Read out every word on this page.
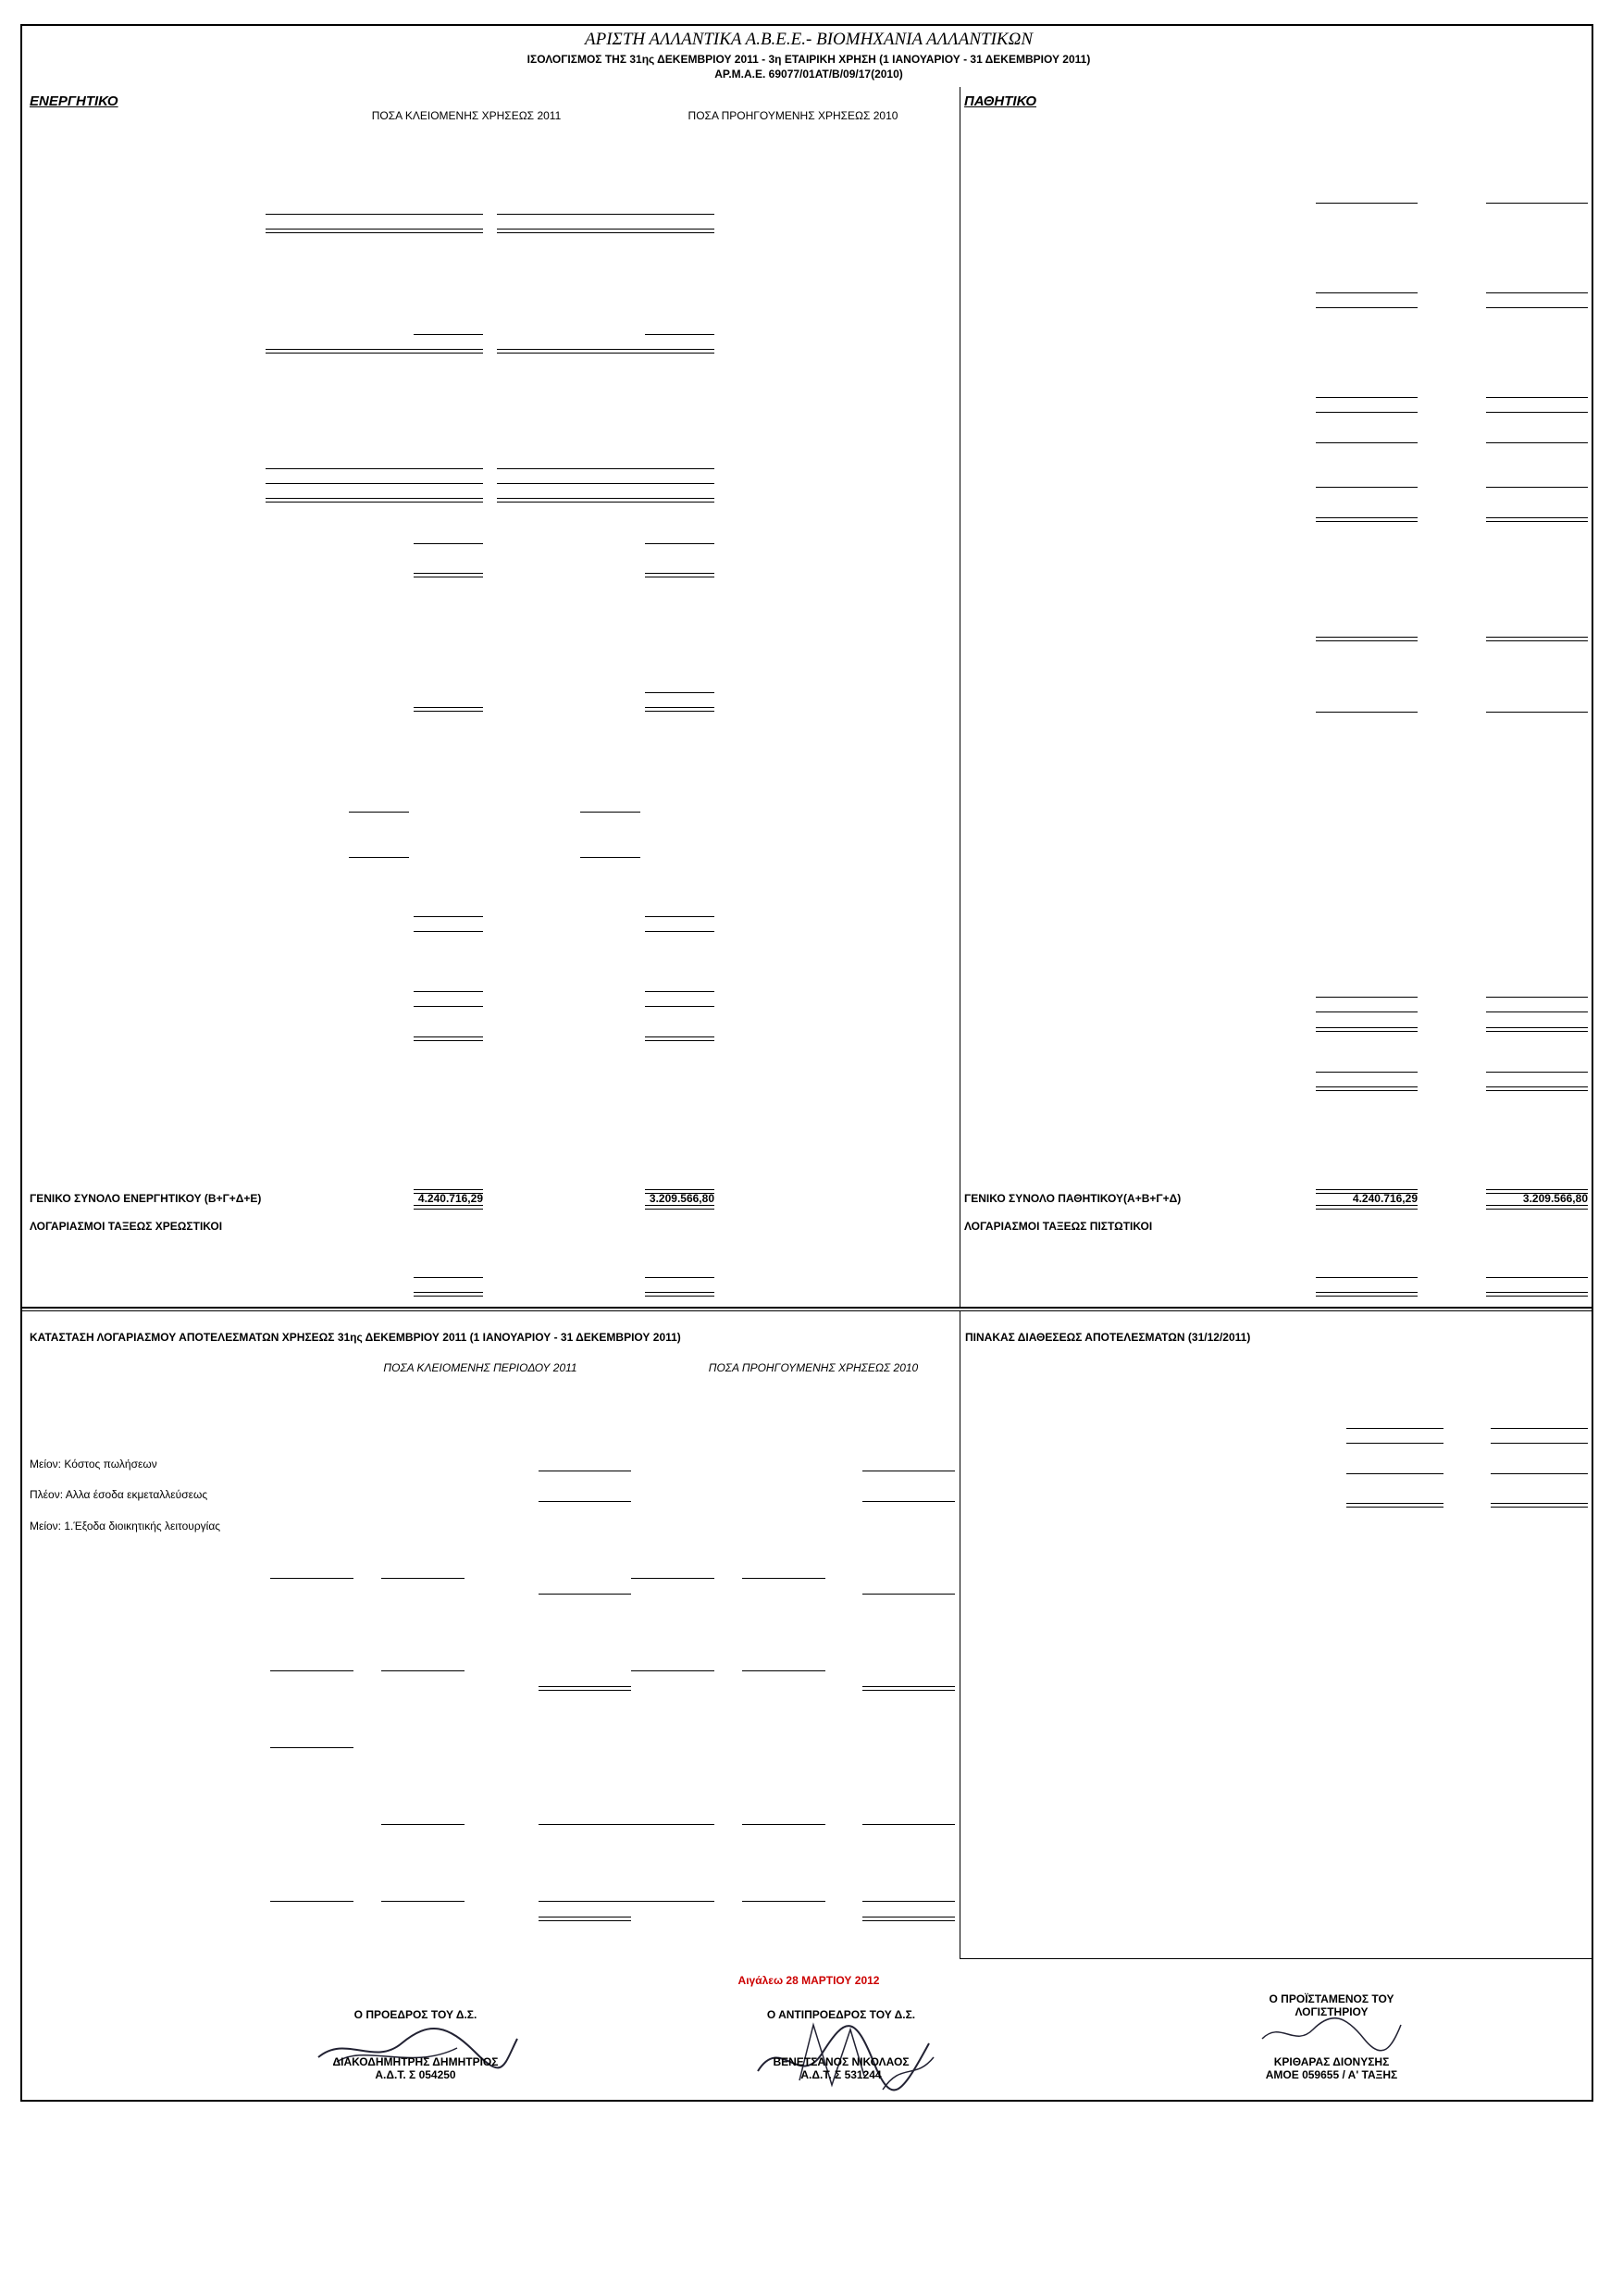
ΑΡΙΣΤΗ ΑΛΛΑΝΤΙΚΑ Α.Β.Ε.Ε.- ΒΙΟΜΗΧΑΝΙΑ ΑΛΛΑΝΤΙΚΩΝ
ΙΣΟΛΟΓΙΣΜΟΣ ΤΗΣ 31ης ΔΕΚΕΜΒΡΙΟΥ 2011 - 3η ΕΤΑΙΡΙΚΗ ΧΡΗΣΗ (1 ΙΑΝΟΥΑΡΙΟΥ - 31 ΔΕΚΕΜΒΡΙΟΥ 2011)
ΑΡ.Μ.Α.Ε. 69077/01ΑΤ/Β/09/17(2010)
ΕΝΕΡΓΗΤΙΚΟ
ΠΟΣΑ ΚΛΕΙΟΜΕΝΗΣ ΧΡΗΣΕΩΣ 2011	ΠΟΣΑ ΠΡΟΗΓΟΥΜΕΝΗΣ ΧΡΗΣΕΩΣ 2010
ΓΕΝΙΚΟ ΣΥΝΟΛΟ ΕΝΕΡΓΗΤΙΚΟΥ (Β+Γ+Δ+Ε)	4.240.716,29	3.209.566,80
ΛΟΓΑΡΙΑΣΜΟΙ ΤΑΞΕΩΣ ΧΡΕΩΣΤΙΚΟΙ
ΠΑΘΗΤΙΚΟ
ΓΕΝΙΚΟ ΣΥΝΟΛΟ ΠΑΘΗΤΙΚΟΥ(Α+Β+Γ+Δ)	4.240.716,29	3.209.566,80
ΛΟΓΑΡΙΑΣΜΟΙ ΤΑΞΕΩΣ ΠΙΣΤΩΤΙΚΟΙ
ΚΑΤΑΣΤΑΣΗ ΛΟΓΑΡΙΑΣΜΟΥ ΑΠΟΤΕΛΕΣΜΑΤΩΝ ΧΡΗΣΕΩΣ 31ης ΔΕΚΕΜΒΡΙΟΥ 2011 (1 ΙΑΝΟΥΑΡΙΟΥ - 31 ΔΕΚΕΜΒΡΙΟΥ 2011)
ΠΟΣΑ ΚΛΕΙΟΜΕΝΗΣ ΠΕΡΙΟΔΟΥ 2011	ΠΟΣΑ ΠΡΟΗΓΟΥΜΕΝΗΣ ΧΡΗΣΕΩΣ 2010
Μείον: Κόστος πωλήσεων
Πλέον: Αλλα έσοδα εκμεταλλεύσεως
Μείον: 1.Έξοδα διοικητικής λειτουργίας
ΠΙΝΑΚΑΣ ΔΙΑΘΕΣΕΩΣ ΑΠΟΤΕΛΕΣΜΑΤΩΝ (31/12/2011)
Αιγάλεω 28 ΜΑΡΤΙΟΥ 2012
Ο ΠΡΟΕΔΡΟΣ ΤΟΥ Δ.Σ.
ΔΙΑΚΟΔΗΜΗΤΡΗΣ ΔΗΜΗΤΡΙΟΣ
Α.Δ.Τ. Σ 054250
Ο ΑΝΤΙΠΡΟΕΔΡΟΣ ΤΟΥ Δ.Σ.
ΒΕΝΕΤΣΑΝΟΣ ΝΙΚΟΛΑΟΣ
Α.Δ.Τ. Σ 531244
Ο ΠΡΟΪΣΤΑΜΕΝΟΣ ΤΟΥ
ΛΟΓΙΣΤΗΡΙΟΥ
ΚΡΙΘΑΡΑΣ ΔΙΟΝΥΣΗΣ
ΑΜΟΕ 059655 / Α' ΤΑΞΗΣ
